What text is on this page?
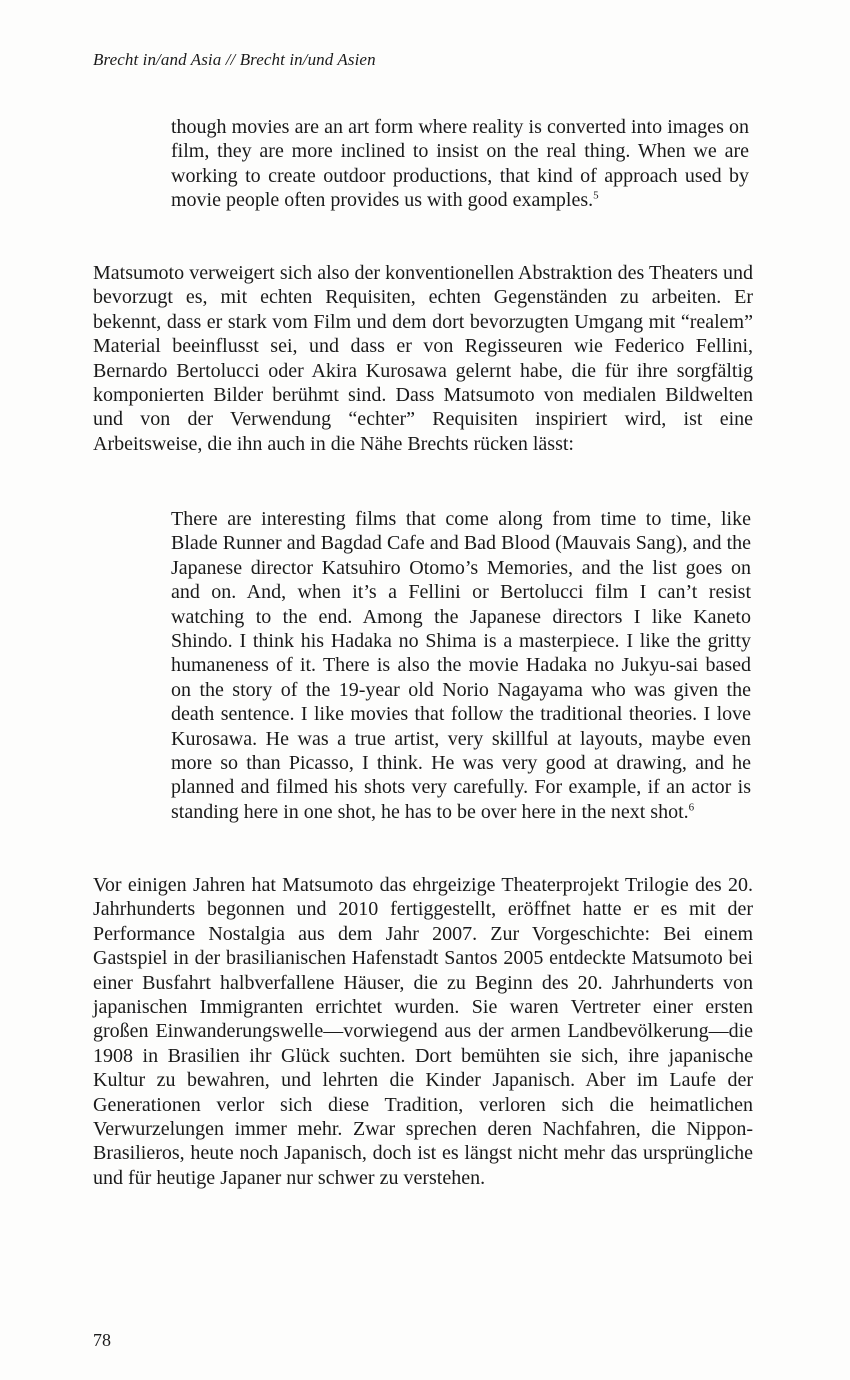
Brecht in/and Asia // Brecht in/und Asien

though movies are an art form where reality is converted into images on film, they are more inclined to insist on the real thing. When we are working to create outdoor productions, that kind of approach used by movie people often provides us with good examples.$^5$

Matsumoto verweigert sich also der konventionellen Abstraktion des Theaters und bevorzugt es, mit echten Requisiten, echten Gegenständen zu arbeiten. Er bekennt, dass er stark vom Film und dem dort bevorzugten Umgang mit “realem” Material beeinflusst sei, und dass er von Regisseuren wie Federico Fellini, Bernardo Bertolucci oder Akira Kurosawa gelernt habe, die für ihre sorgfältig komponierten Bilder berühmt sind. Dass Matsumoto von medialen Bildwelten und von der Verwendung “echter” Requisiten inspiriert wird, ist eine Arbeitsweise, die ihn auch in die Nähe Brechts rücken lässt:

There are interesting films that come along from time to time, like Blade Runner and Bagdad Cafe and Bad Blood (Mauvais Sang), and the Japanese director Katsuhiro Otomo’s Memories, and the list goes on and on. And, when it’s a Fellini or Bertolucci film I can’t resist watching to the end. Among the Japanese directors I like Kaneto Shindo. I think his Hadaka no Shima is a masterpiece. I like the gritty humaneness of it. There is also the movie Hadaka no Jukyu-sai based on the story of the 19-year old Norio Nagayama who was given the death sentence. I like movies that follow the traditional theories. I love Kurosawa. He was a true artist, very skillful at layouts, maybe even more so than Picasso, I think. He was very good at drawing, and he planned and filmed his shots very carefully. For example, if an actor is standing here in one shot, he has to be over here in the next shot.$^6$

Vor einigen Jahren hat Matsumoto das ehrgeizige Theaterprojekt Trilogie des 20. Jahrhunderts begonnen und 2010 fertiggestellt, eröffnet hatte er es mit der Performance Nostalgia aus dem Jahr 2007. Zur Vorgeschichte: Bei einem Gastspiel in der brasilianischen Hafenstadt Santos 2005 entdeckte Matsumoto bei einer Busfahrt halbverfallene Häuser, die zu Beginn des 20. Jahrhunderts von japanischen Immigranten errichtet wurden. Sie waren Vertreter einer ersten großen Einwanderungswelle—vorwiegend aus der armen Landbevölkerung—die 1908 in Brasilien ihr Glück suchten. Dort bemühten sie sich, ihre japanische Kultur zu bewahren, und lehrten die Kinder Japanisch. Aber im Laufe der Generationen verlor sich diese Tradition, verloren sich die heimatlichen Verwurzelungen immer mehr. Zwar sprechen deren Nachfahren, die Nippon-Brasilieros, heute noch Japanisch, doch ist es längst nicht mehr das ursprüngliche und für heutige Japaner nur schwer zu verstehen.

78
